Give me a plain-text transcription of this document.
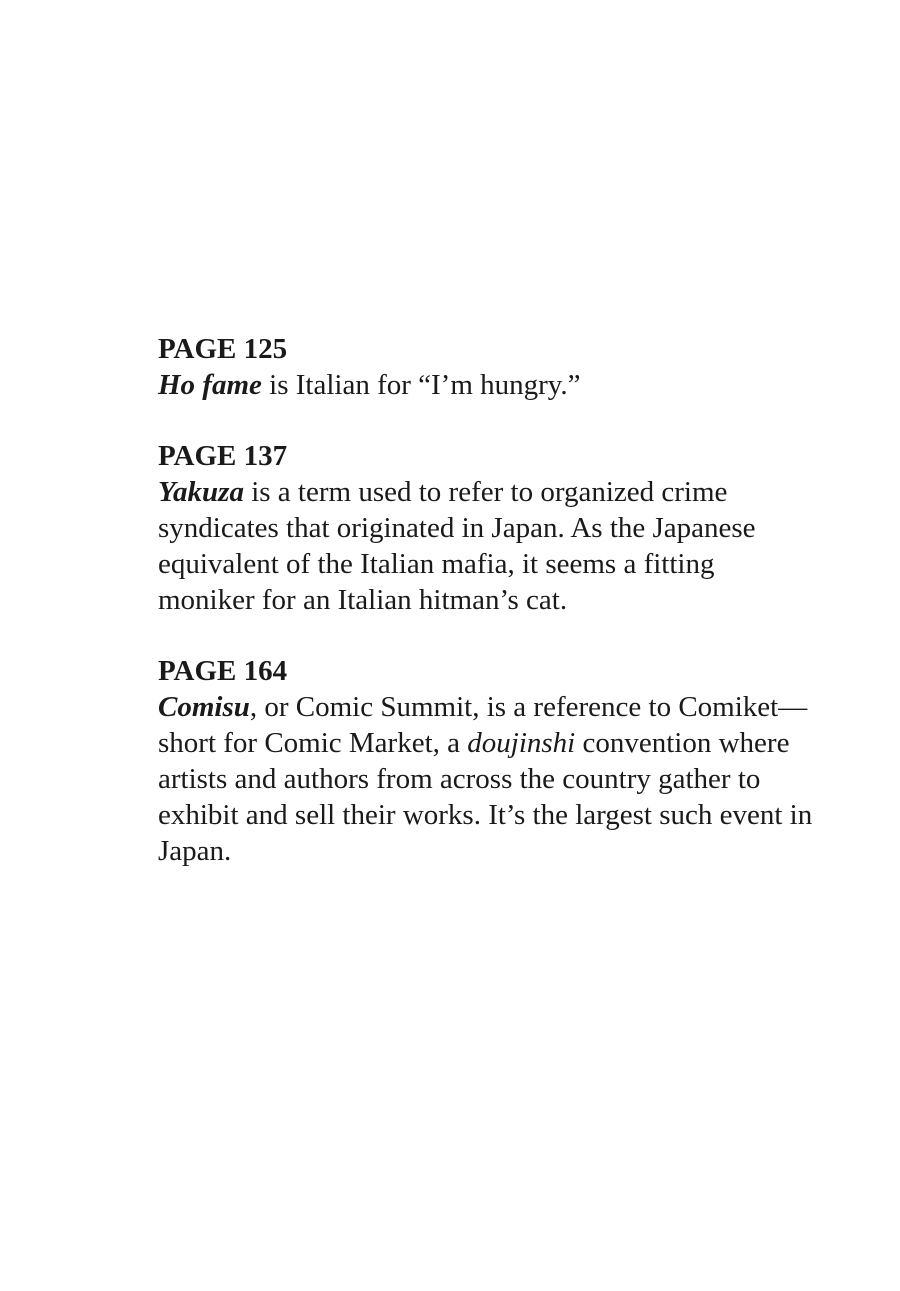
PAGE 125
Ho fame is Italian for “I’m hungry.”
PAGE 137
Yakuza is a term used to refer to organized crime syndicates that originated in Japan. As the Japanese equivalent of the Italian mafia, it seems a fitting moniker for an Italian hitman’s cat.
PAGE 164
Comisu, or Comic Summit, is a reference to Comiket—short for Comic Market, a doujinshi convention where artists and authors from across the country gather to exhibit and sell their works. It’s the largest such event in Japan.
